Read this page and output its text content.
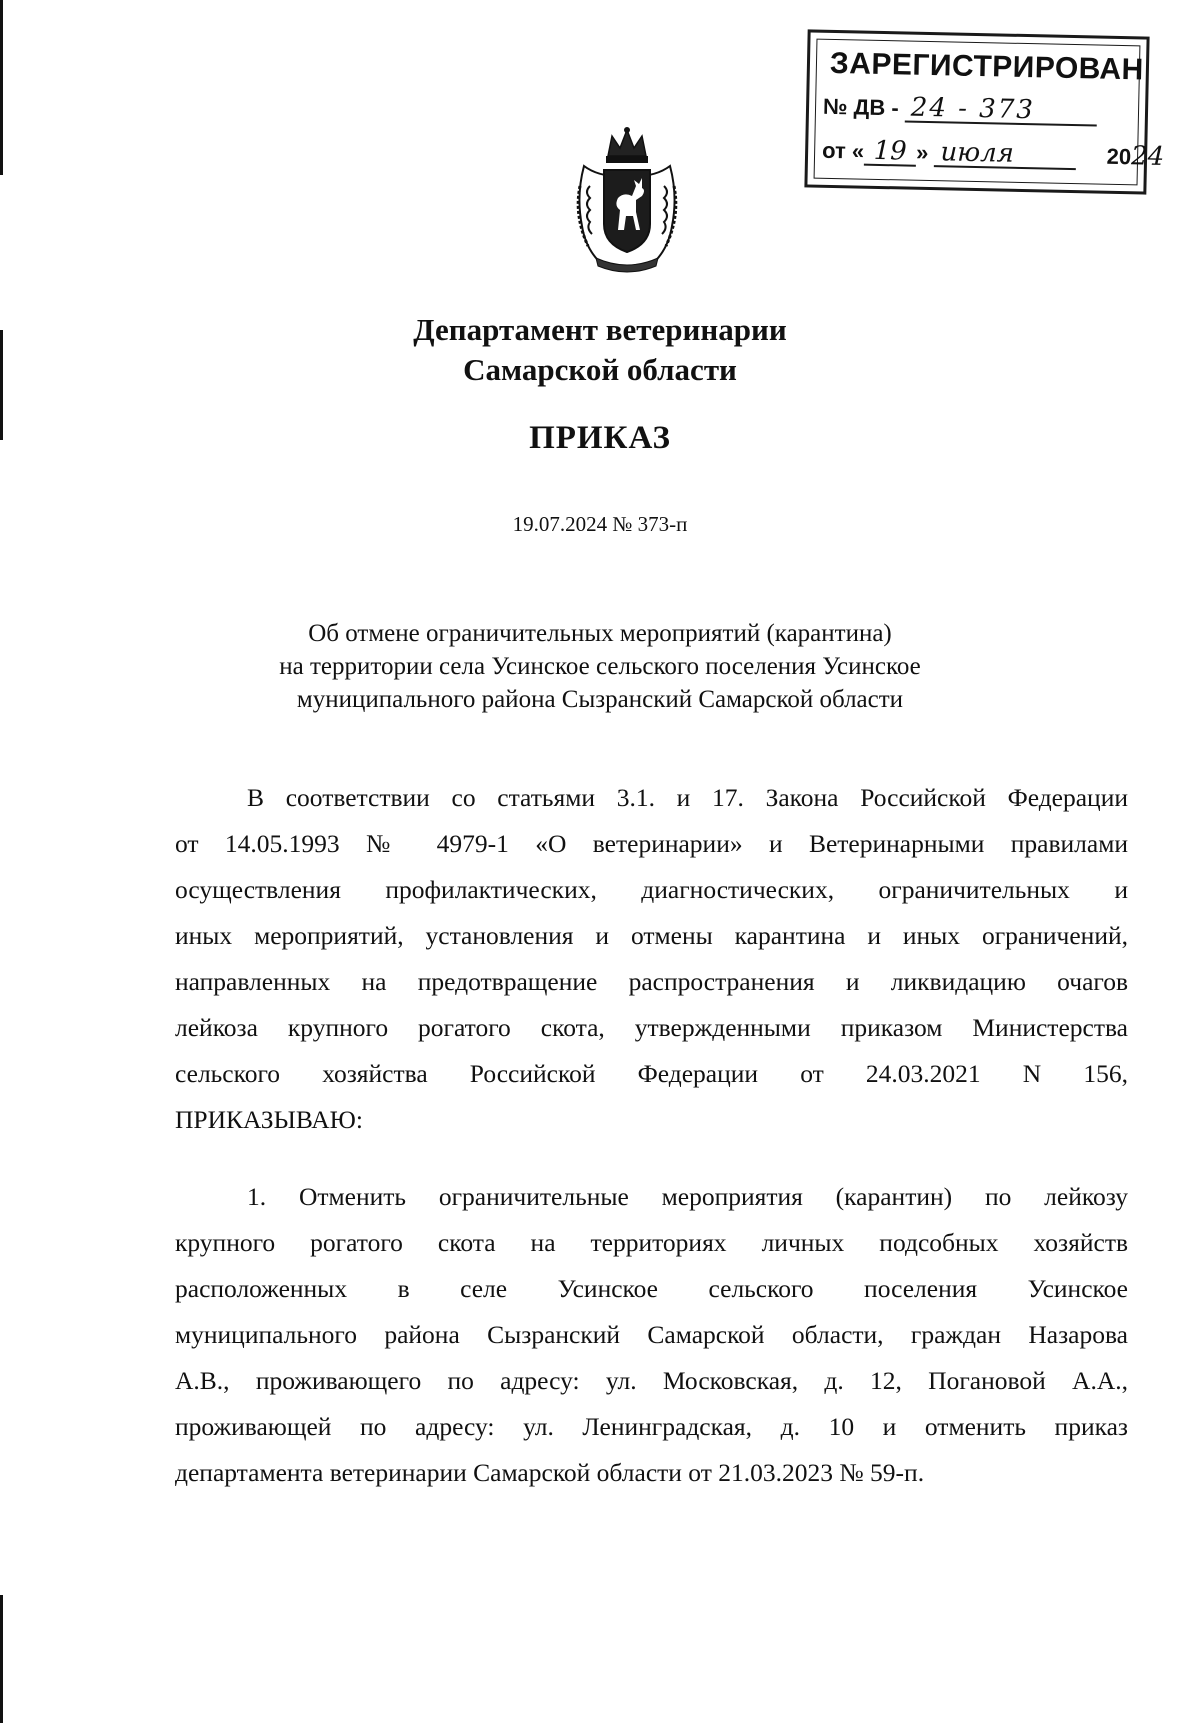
ЗАРЕГИСТРИРОВАН
№ ДВ - 24 - 373
от « 19 » июля	2024
Департамент ветеринарии
Самарской области
ПРИКАЗ
19.07.2024 № 373-п
Об отмене ограничительных мероприятий (карантина)
на территории села Усинское сельского поселения Усинское
муниципального района Сызранский Самарской области
В соответствии со статьями 3.1. и 17. Закона Российской Федерации
от 14.05.1993 № 4979-1 «О ветеринарии» и Ветеринарными правилами
осуществления профилактических, диагностических, ограничительных и
иных мероприятий, установления и отмены карантина и иных ограничений,
направленных на предотвращение распространения и ликвидацию очагов
лейкоза крупного рогатого скота, утвержденными приказом Министерства
сельского хозяйства Российской Федерации от 24.03.2021 N 156,
ПРИКАЗЫВАЮ:
1. Отменить ограничительные мероприятия (карантин) по лейкозу
крупного рогатого скота на территориях личных подсобных хозяйств
расположенных в селе Усинское сельского поселения Усинское
муниципального района Сызранский Самарской области, граждан Назарова
А.В., проживающего по адресу: ул. Московская, д. 12, Погановой А.А.,
проживающей по адресу: ул. Ленинградская, д. 10 и отменить приказ
департамента ветеринарии Самарской области от 21.03.2023 № 59-п.
